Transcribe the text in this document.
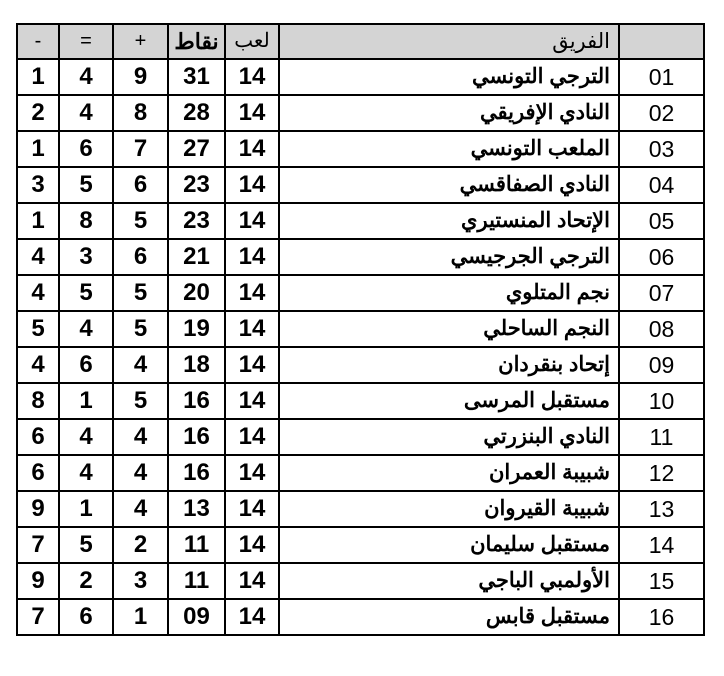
-	=	+	نقاط	لعب	الفريق	
1	4	9	31	14	الترجي التونسي	01
2	4	8	28	14	النادي الإفريقي	02
1	6	7	27	14	الملعب التونسي	03
3	5	6	23	14	النادي الصفاقسي	04
1	8	5	23	14	الإتحاد المنستيري	05
4	3	6	21	14	الترجي الجرجيسي	06
4	5	5	20	14	نجم المتلوي	07
5	4	5	19	14	النجم الساحلي	08
4	6	4	18	14	إتحاد بنقردان	09
8	1	5	16	14	مستقبل المرسى	10
6	4	4	16	14	النادي البنزرتي	11
6	4	4	16	14	شبيبة العمران	12
9	1	4	13	14	شبيبة القيروان	13
7	5	2	11	14	مستقبل سليمان	14
9	2	3	11	14	الأولمبي الباجي	15
7	6	1	09	14	مستقبل قابس	16
